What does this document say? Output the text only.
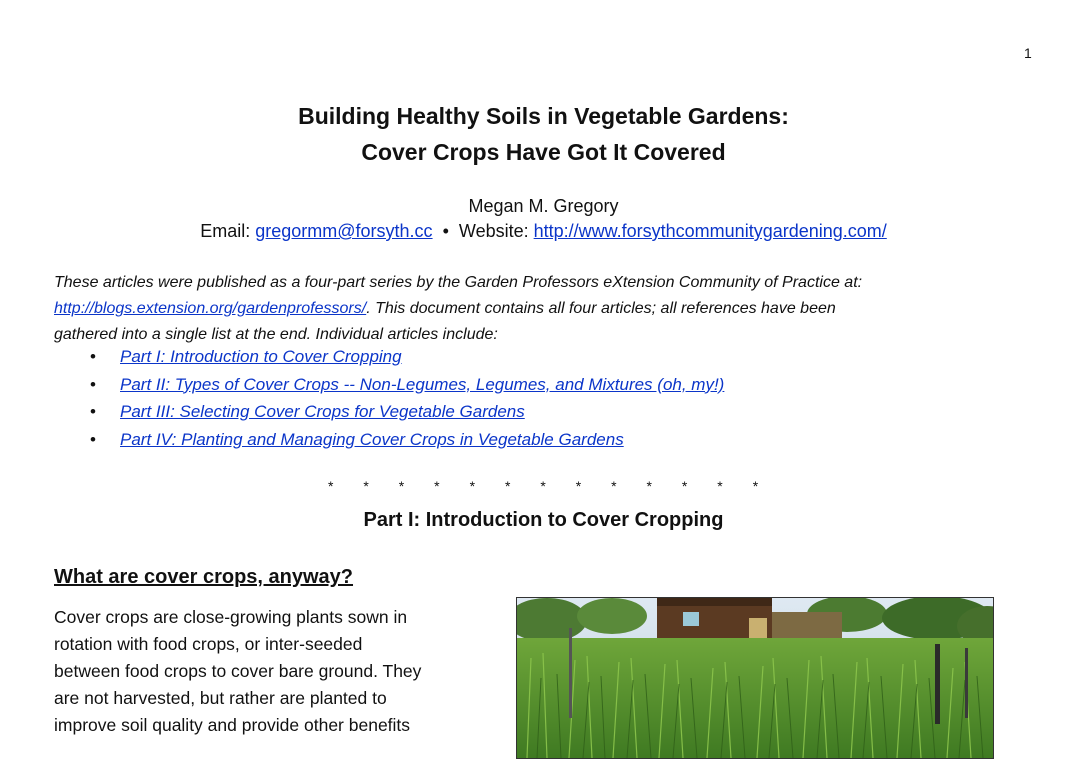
1
Building Healthy Soils in Vegetable Gardens:
Cover Crops Have Got It Covered
Megan M. Gregory
Email: gregormm@forsyth.cc • Website: http://www.forsythcommunitygardening.com/
These articles were published as a four-part series by the Garden Professors eXtension Community of Practice at:
http://blogs.extension.org/gardenprofessors/. This document contains all four articles; all references have been
gathered into a single list at the end. Individual articles include:
• Part I: Introduction to Cover Cropping
• Part II: Types of Cover Crops -- Non-Legumes, Legumes, and Mixtures (oh, my!)
• Part III: Selecting Cover Crops for Vegetable Gardens
• Part IV: Planting and Managing Cover Crops in Vegetable Gardens
* * * * * * * * * * * * *
Part I: Introduction to Cover Cropping
What are cover crops, anyway?
Cover crops are close-growing plants sown in
rotation with food crops, or inter-seeded
between food crops to cover bare ground. They
are not harvested, but rather are planted to
improve soil quality and provide other benefits
